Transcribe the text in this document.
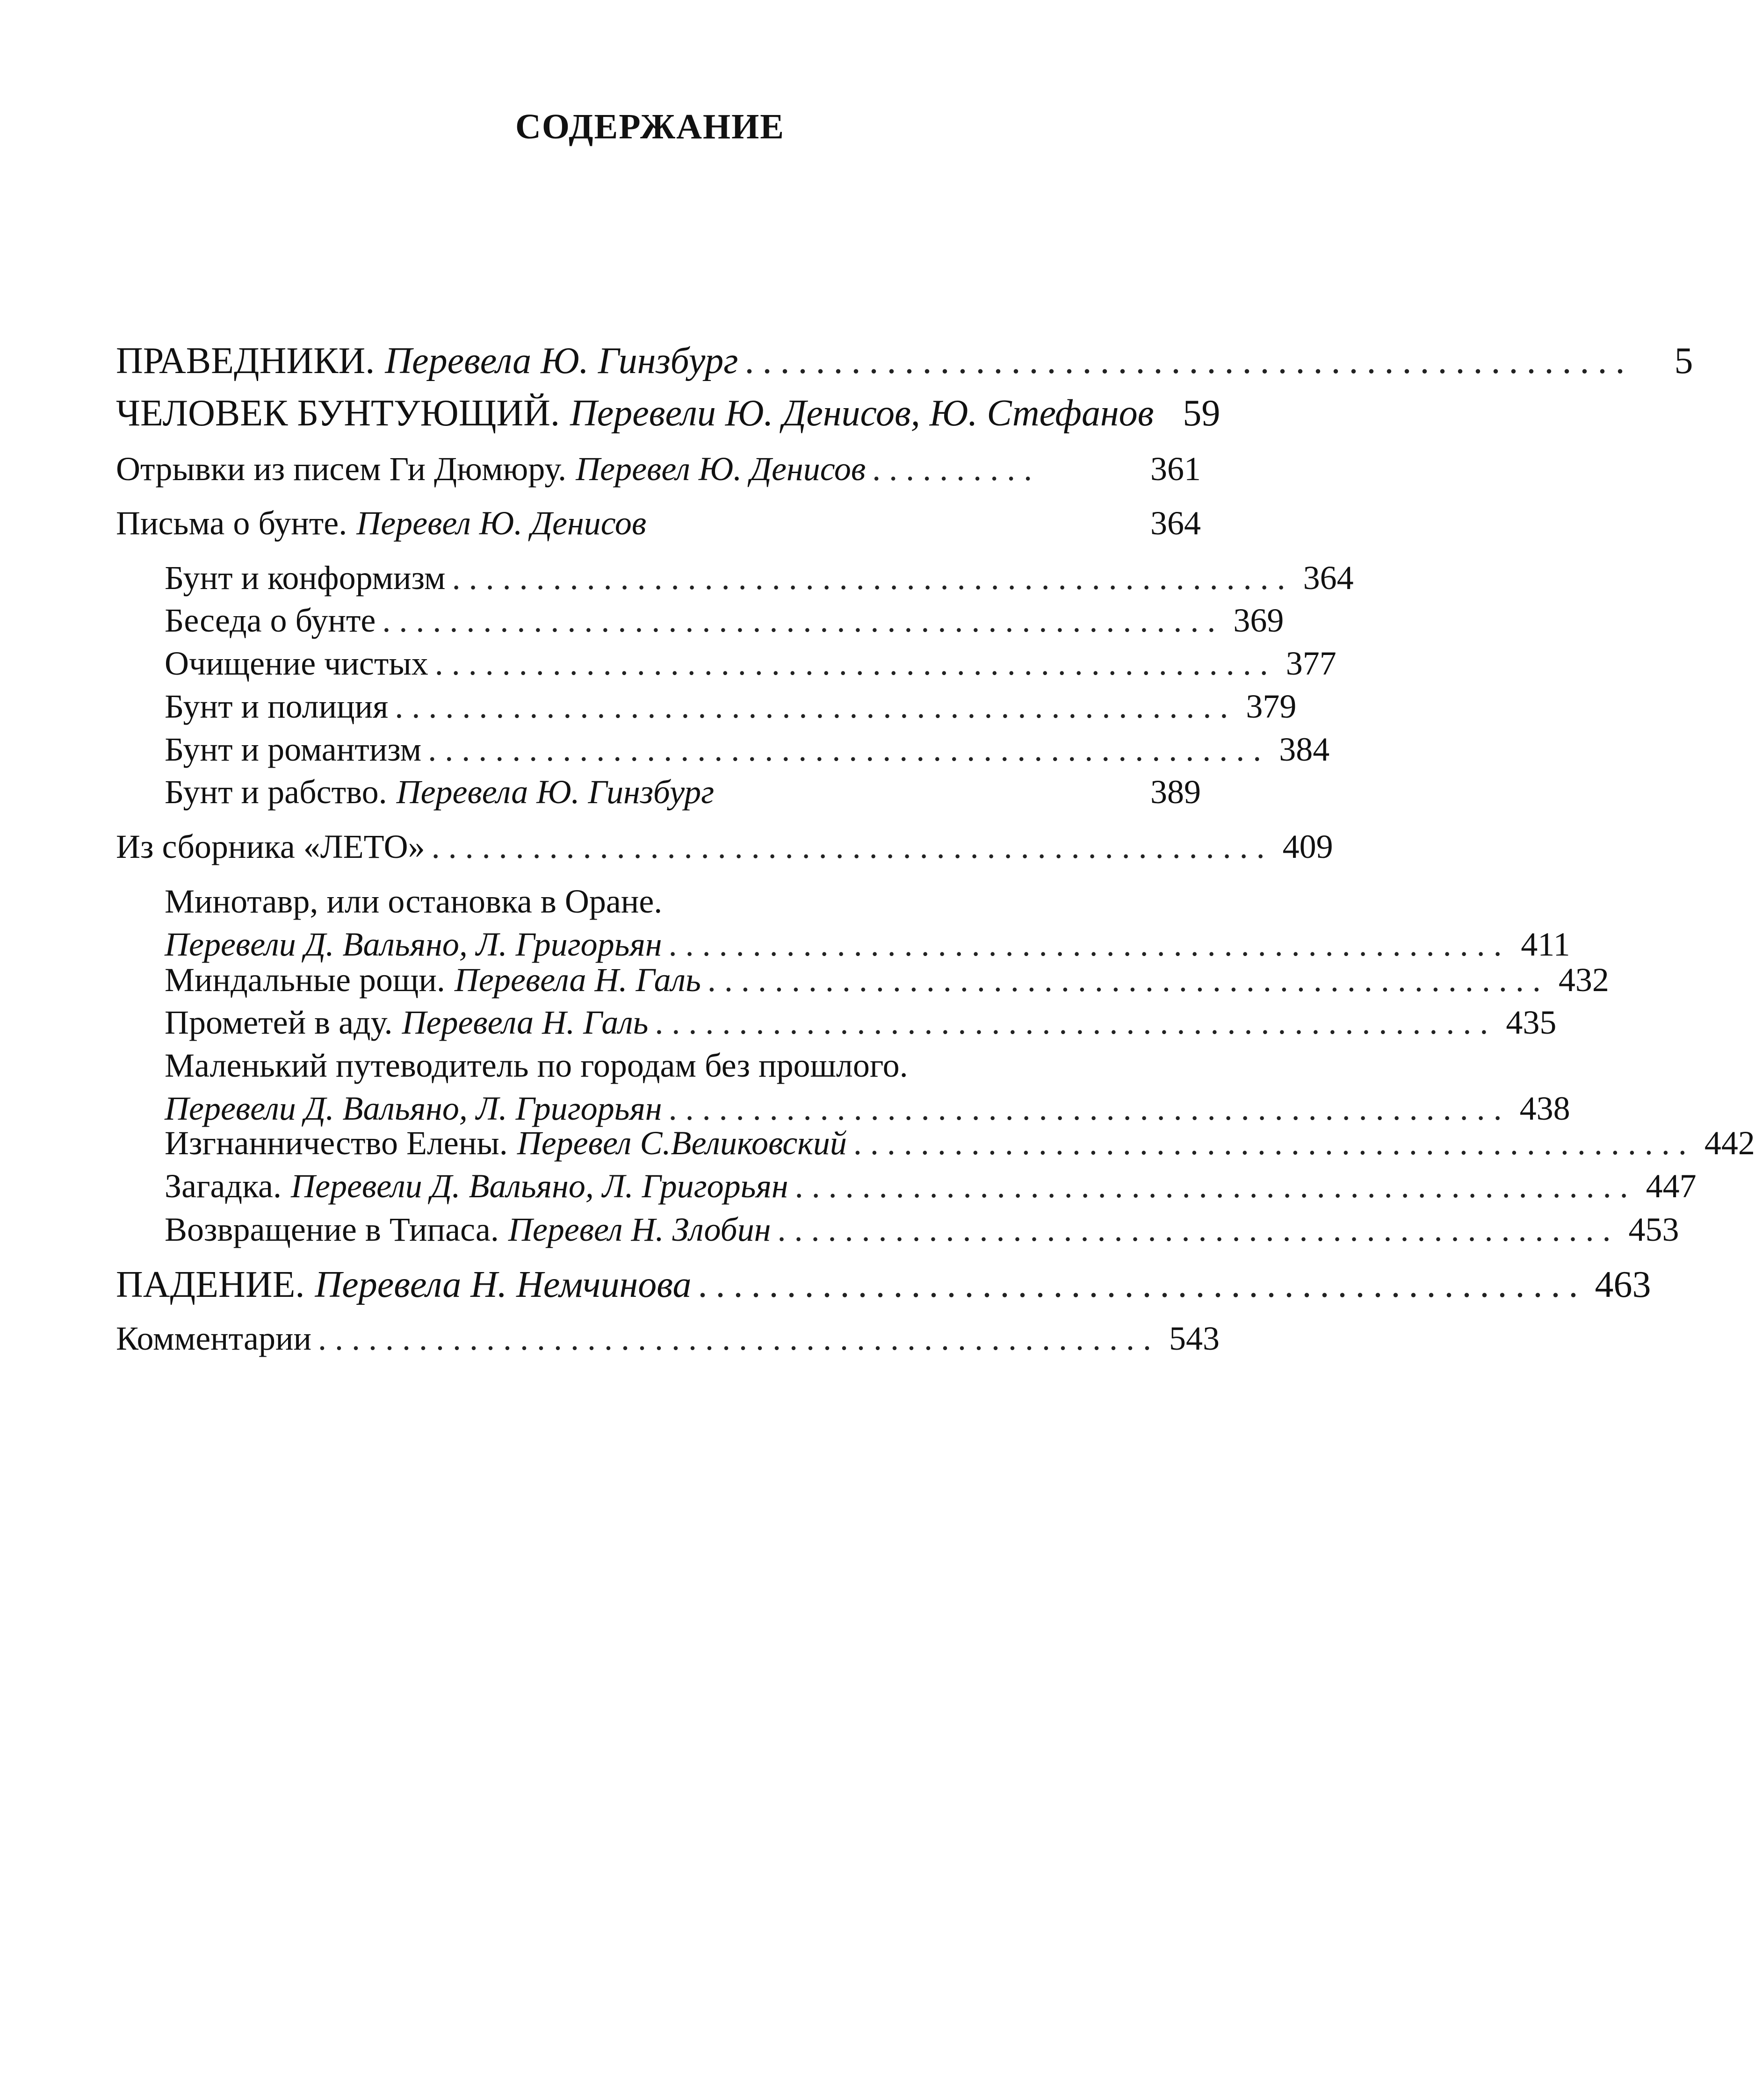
СОДЕРЖАНИЕ
ПРАВЕДНИКИ. Перевела Ю. Гинзбург ..................................................	5
ЧЕЛОВЕК БУНТУЮЩИЙ. Перевели Ю. Денисов, Ю. Стефанов 59
Отрывки из писем Ги Дюмюру. Перевел Ю. Денисов ..........	361
Письма о бунте. Перевел Ю. Денисов	364
Бунт и конформизм .................................................. 364
Беседа о бунте .................................................. 369
Очищение чистых .................................................. 377
Бунт и полиция .................................................. 379
Бунт и романтизм .................................................. 384
Бунт и рабство. Перевела Ю. Гинзбург	389
Из сборника «ЛЕТО» .................................................. 409
Минотавр, или остановка в Оране.
Перевели Д. Вальяно, Л. Григорьян .................................................. 411
Миндальные рощи. Перевела Н. Галь .................................................. 432
Прометей в аду. Перевела Н. Галь .................................................. 435
Маленький путеводитель по городам без прошлого.
Перевели Д. Вальяно, Л. Григорьян .................................................. 438
Изгнанничество Елены. Перевел С.Великовский .................................................. 442
Загадка. Перевели Д. Вальяно, Л. Григорьян .................................................. 447
Возвращение в Типаса. Перевел Н. Злобин .................................................. 453
ПАДЕНИЕ. Перевела Н. Немчинова .................................................. 463
Комментарии .................................................. 543
